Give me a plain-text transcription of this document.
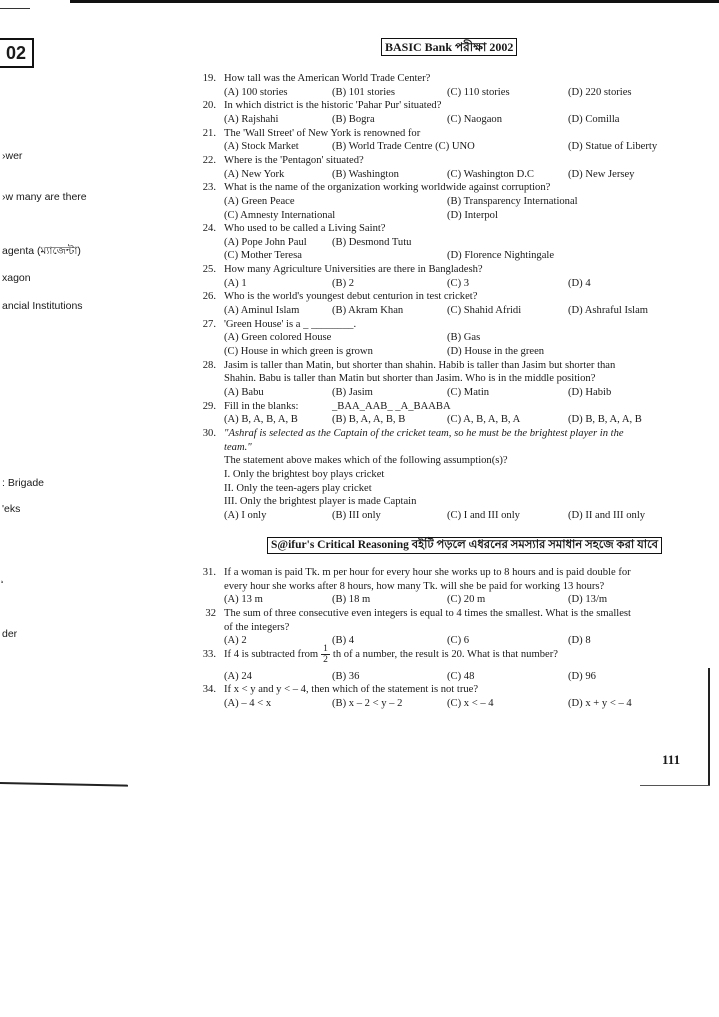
02	BASIC Bank পরীক্ষা 2002
›wer
›w many are there
agenta (ম্যাজেন্টা)
xagon
ancial Institutions
: Brigade
'eks
der
19. How tall was the American World Trade Center?
(A) 100 stories	(B) 101 stories	(C) 110 stories	(D) 220 stories
20. In which district is the historic 'Pahar Pur' situated?
(A) Rajshahi	(B) Bogra	(C) Naogaon	(D) Comilla
21. The 'Wall Street' of New York is renowned for
(A) Stock Market	(B) World Trade Centre (C) UNO	(D) Statue of Liberty
22. Where is the 'Pentagon' situated?
(A) New York	(B) Washington	(C) Washington D.C	(D) New Jersey
23. What is the name of the organization working worldwide against corruption?
(A) Green Peace	(B) Transparency International
(C) Amnesty International	(D) Interpol
24. Who used to be called a Living Saint?
(A) Pope John Paul (B) Desmond Tutu
(C) Mother Teresa	(D) Florence Nightingale
25. How many Agriculture Universities are there in Bangladesh?
(A) 1	(B) 2	(C) 3	(D) 4
26. Who is the world's youngest debut centurion in test cricket?
(A) Aminul Islam	(B) Akram Khan	(C) Shahid Afridi	(D) Ashraful Islam
27. 'Green House' is a _ ________.
(A) Green colored House	(B) Gas
(C) House in which green is grown	(D) House in the green
28. Jasim is taller than Matin, but shorter than shahin. Habib is taller than Jasim but shorter than
Shahin. Babu is taller than Matin but shorter than Jasim. Who is in the middle position?
(A) Babu	(B) Jasim	(C) Matin	(D) Habib
29. Fill in the blanks:	_BAA_AAB_ _A_BAABA
(A) B, A, B, A, B	(B) B, A, A, B, B	(C) A, B, A, B, A	(D) B, B, A, A, B
30. "Ashraf is selected as the Captain of the cricket team, so he must be the brightest player in the
team."
The statement above makes which of the following assumption(s)?
I. Only the brightest boy plays cricket
II. Only the teen-agers play cricket
III. Only the brightest player is made Captain
(A) I only	(B) III only	(C) I and III only	(D) II and III only
31. If a woman is paid Tk. m per hour for every hour she works up to 8 hours and is paid double for
every hour she works after 8 hours, how many Tk. will she be paid for working 13 hours?
(A) 13 m	(B) 18 m	(C) 20 m	(D) 13/m
32 The sum of three consecutive even integers is equal to 4 times the smallest. What is the smallest
of the integers?
(A) 2	(B) 4	(C) 6	(D) 8
33. If 4 is subtracted from $\frac{1}{2}$ th of a number, the result is 20. What is that number?
(A) 24	(B) 36	(C) 48	(D) 96
34. If x < y and y < – 4, then which of the statement is not true?
(A) – 4 < x	(B) x – 2 < y – 2	(C) x < – 4	(D) x + y < – 4
S@ifur's Critical Reasoning বইটি পড়লে এধরনের সমস্যার সমাধান সহজে করা যাবে
111
